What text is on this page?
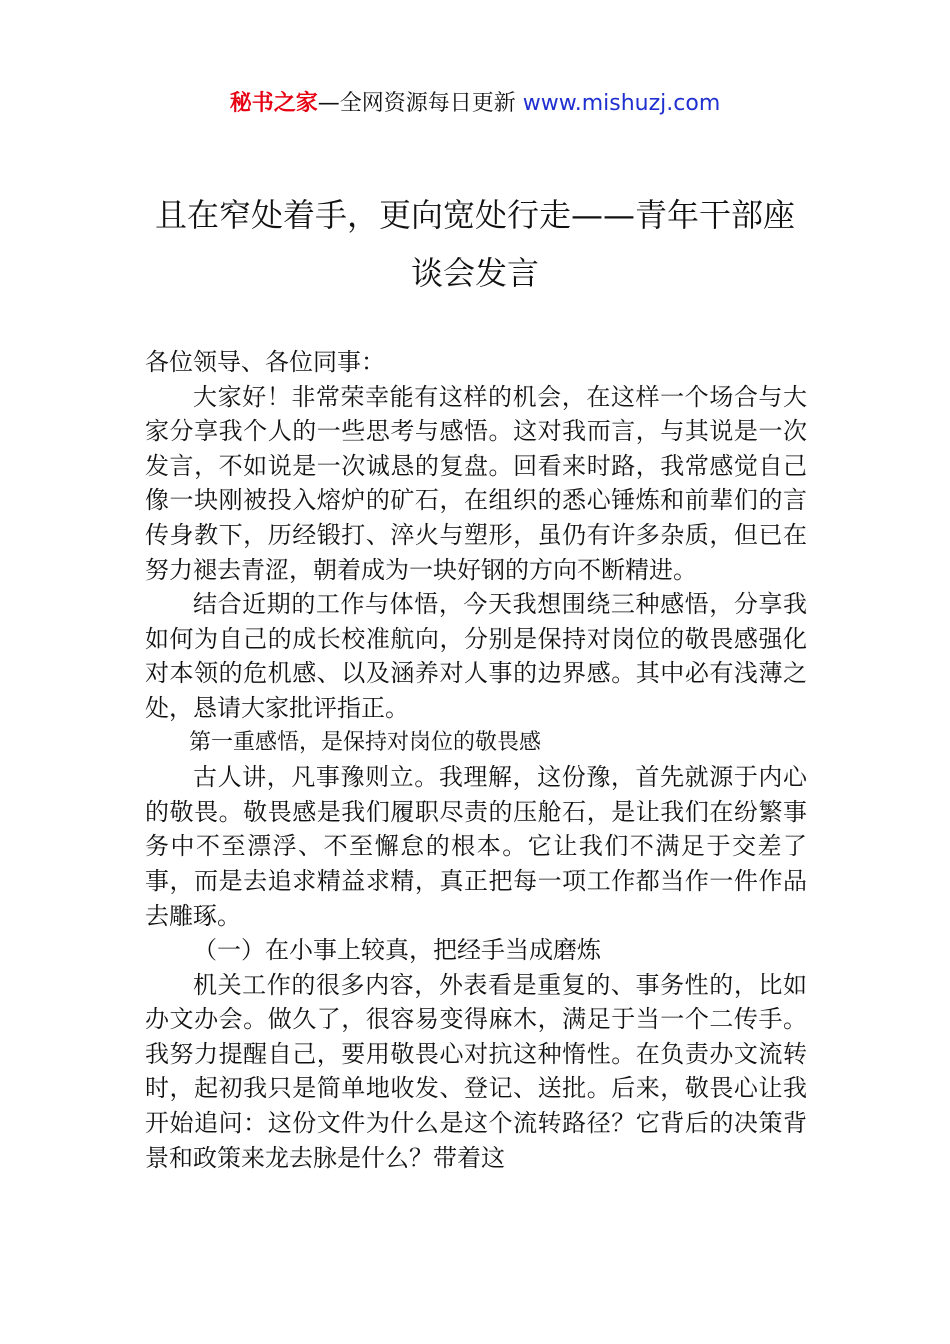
秘书之家—全网资源每日更新 www.mishuzj.com
且在窄处着手，更向宽处行走——青年干部座谈会发言

各位领导、各位同事：

大家好！非常荣幸能有这样的机会，在这样一个场合与大家分享我个人的一些思考与感悟。这对我而言，与其说是一次发言，不如说是一次诚恳的复盘。回看来时路，我常感觉自己像一块刚被投入熔炉的矿石，在组织的悉心锤炼和前辈们的言传身教下，历经锻打、淬火与塑形，虽仍有许多杂质，但已在努力褪去青涩，朝着成为一块好钢的方向不断精进。

结合近期的工作与体悟，今天我想围绕三种感悟，分享我如何为自己的成长校准航向，分别是保持对岗位的敬畏感强化对本领的危机感、以及涵养对人事的边界感。其中必有浅薄之处，恳请大家批评指正。

第一重感悟，是保持对岗位的敬畏感

古人讲，凡事豫则立。我理解，这份豫，首先就源于内心的敬畏。敬畏感是我们履职尽责的压舱石，是让我们在纷繁事务中不至漂浮、不至懈怠的根本。它让我们不满足于交差了事，而是去追求精益求精，真正把每一项工作都当作一件作品去雕琢。

（一）在小事上较真，把经手当成磨炼

机关工作的很多内容，外表看是重复的、事务性的，比如办文办会。做久了，很容易变得麻木，满足于当一个二传手。我努力提醒自己，要用敬畏心对抗这种惰性。在负责办文流转时，起初我只是简单地收发、登记、送批。后来，敬畏心让我开始追问：这份文件为什么是这个流转路径？它背后的决策背景和政策来龙去脉是什么？带着这
